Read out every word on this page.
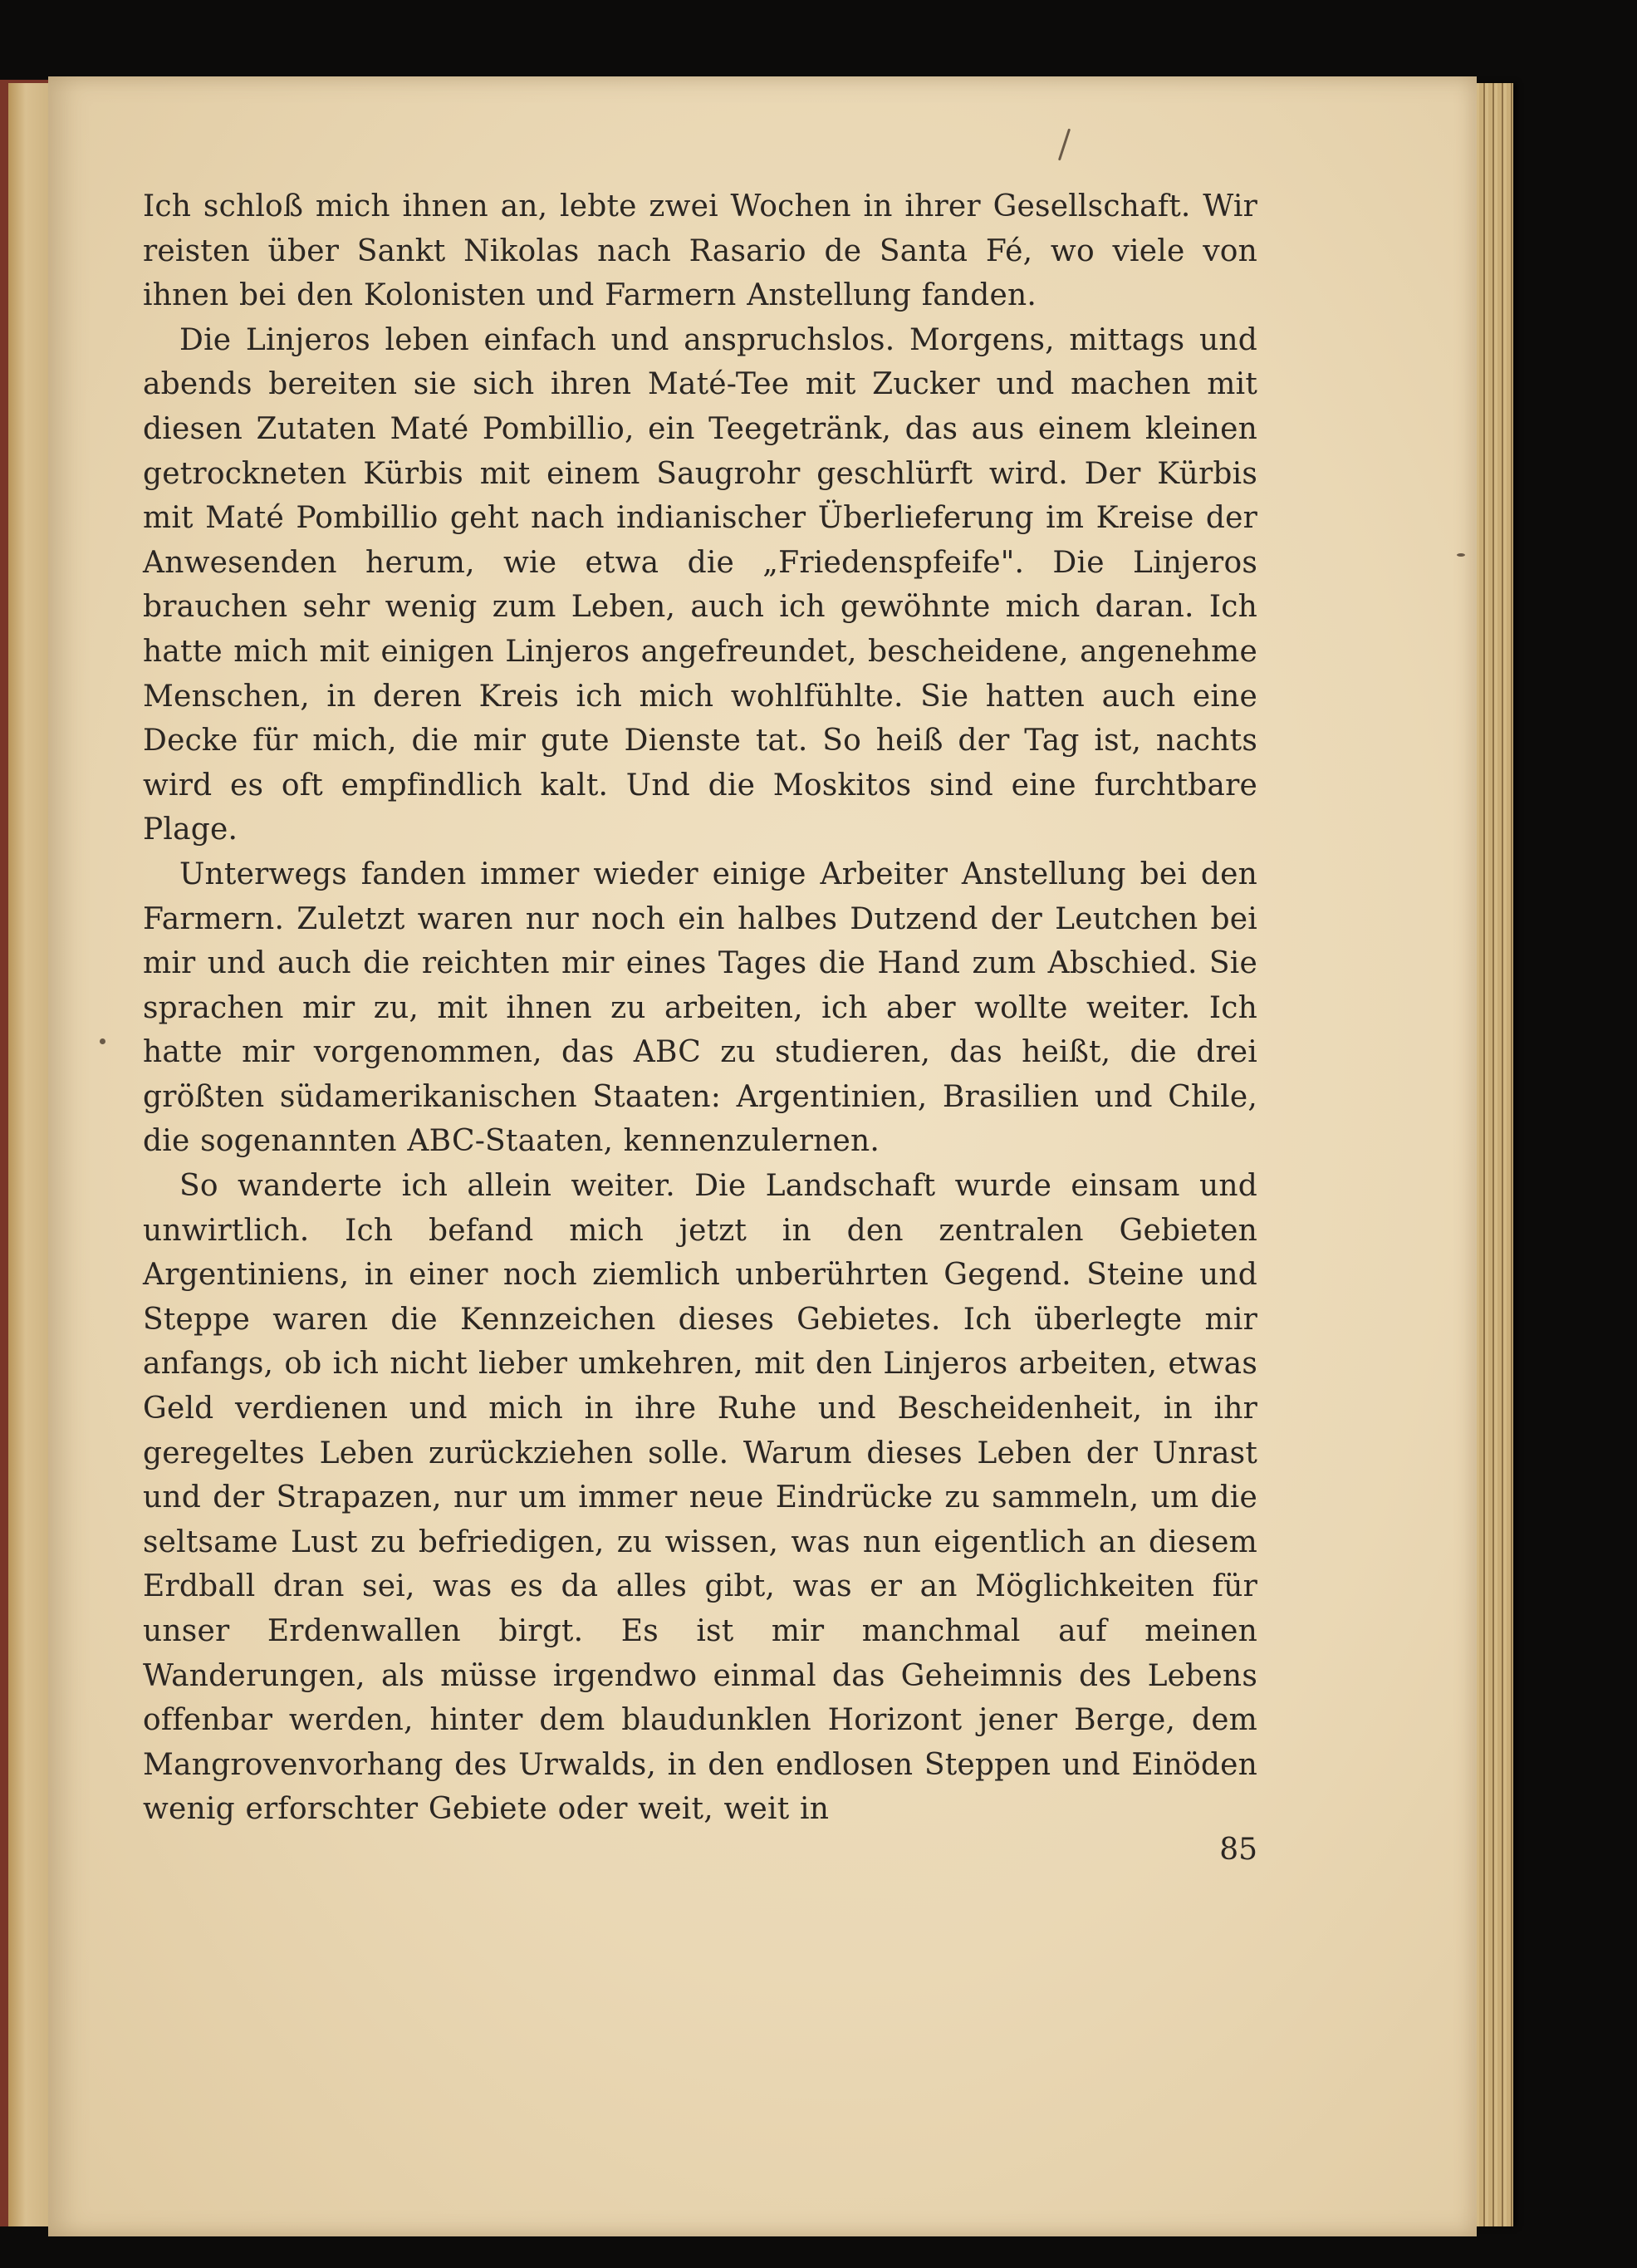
Ich schloß mich ihnen an, lebte zwei Wochen in ihrer Gesellschaft. Wir reisten über Sankt Nikolas nach Rasario de Santa Fé, wo viele von ihnen bei den Kolonisten und Farmern Anstellung fanden.

Die Linjeros leben einfach und anspruchslos. Morgens, mittags und abends bereiten sie sich ihren Maté-Tee mit Zucker und machen mit diesen Zutaten Maté Pombillio, ein Teegetränk, das aus einem kleinen getrockneten Kürbis mit einem Saugrohr geschlürft wird. Der Kürbis mit Maté Pombillio geht nach indianischer Überlieferung im Kreise der Anwesenden herum, wie etwa die „Friedenspfeife". Die Linjeros brauchen sehr wenig zum Leben, auch ich gewöhnte mich daran. Ich hatte mich mit einigen Linjeros angefreundet, bescheidene, angenehme Menschen, in deren Kreis ich mich wohlfühlte. Sie hatten auch eine Decke für mich, die mir gute Dienste tat. So heiß der Tag ist, nachts wird es oft empfindlich kalt. Und die Moskitos sind eine furchtbare Plage.

Unterwegs fanden immer wieder einige Arbeiter Anstellung bei den Farmern. Zuletzt waren nur noch ein halbes Dutzend der Leutchen bei mir und auch die reichten mir eines Tages die Hand zum Abschied. Sie sprachen mir zu, mit ihnen zu arbeiten, ich aber wollte weiter. Ich hatte mir vorgenommen, das ABC zu studieren, das heißt, die drei größten südamerikanischen Staaten: Argentinien, Brasilien und Chile, die sogenannten ABC-Staaten, kennenzulernen.

So wanderte ich allein weiter. Die Landschaft wurde einsam und unwirtlich. Ich befand mich jetzt in den zentralen Gebieten Argentiniens, in einer noch ziemlich unberührten Gegend. Steine und Steppe waren die Kennzeichen dieses Gebietes. Ich überlegte mir anfangs, ob ich nicht lieber umkehren, mit den Linjeros arbeiten, etwas Geld verdienen und mich in ihre Ruhe und Bescheidenheit, in ihr geregeltes Leben zurückziehen solle. Warum dieses Leben der Unrast und der Strapazen, nur um immer neue Eindrücke zu sammeln, um die seltsame Lust zu befriedigen, zu wissen, was nun eigentlich an diesem Erdball dran sei, was es da alles gibt, was er an Möglichkeiten für unser Erdenwallen birgt. Es ist mir manchmal auf meinen Wanderungen, als müsse irgendwo einmal das Geheimnis des Lebens offenbar werden, hinter dem blaudunklen Horizont jener Berge, dem Mangrovenvorhang des Urwalds, in den endlosen Steppen und Einöden wenig erforschter Gebiete oder weit, weit in

85
